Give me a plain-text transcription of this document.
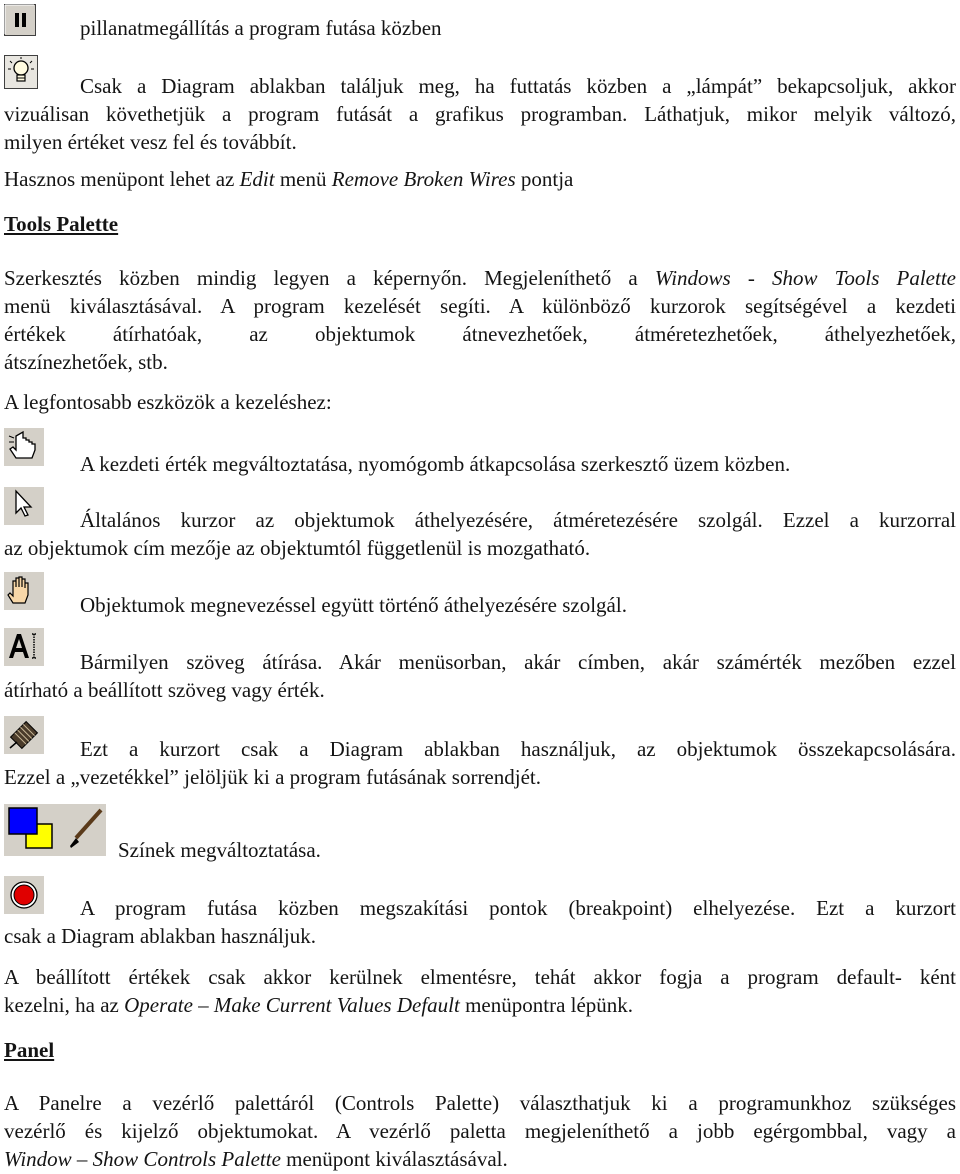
pillanatmegállítás a program futása közben

Csak a Diagram ablakban találjuk meg, ha futtatás közben a „lámpát” bekapcsoljuk, akkor

vizuálisan követhetjük a program futását a grafikus programban. Láthatjuk, mikor melyik változó,

milyen értéket vesz fel és továbbít.

Hasznos menüpont lehet az Edit menü Remove Broken Wires pontja

Tools Palette

Szerkesztés közben mindig legyen a képernyőn. Megjeleníthető a Windows - Show Tools Palette

menü kiválasztásával. A program kezelését segíti. A különböző kurzorok segítségével a kezdeti

értékek átírhatóak, az objektumok átnevezhetőek, átméretezhetőek, áthelyezhetőek,

átszínezhetőek, stb.

A legfontosabb eszközök a kezeléshez:

A kezdeti érték megváltoztatása, nyomógomb átkapcsolása szerkesztő üzem közben.

Általános kurzor az objektumok áthelyezésére, átméretezésére szolgál. Ezzel a kurzorral

az objektumok cím mezője az objektumtól függetlenül is mozgatható.

Objektumok megnevezéssel együtt történő áthelyezésére szolgál.

Bármilyen szöveg átírása. Akár menüsorban, akár címben, akár számérték mezőben ezzel

átírható a beállított szöveg vagy érték.

Ezt a kurzort csak a Diagram ablakban használjuk, az objektumok összekapcsolására.

Ezzel a „vezetékkel” jelöljük ki a program futásának sorrendjét.

Színek megváltoztatása.

A program futása közben megszakítási pontok (breakpoint) elhelyezése. Ezt a kurzort

csak a Diagram ablakban használjuk.

A beállított értékek csak akkor kerülnek elmentésre, tehát akkor fogja a program default- ként

kezelni, ha az Operate – Make Current Values Default menüpontra lépünk.

Panel

A Panelre a vezérlő palettáról (Controls Palette) választhatjuk ki a programunkhoz szükséges

vezérlő és kijelző objektumokat. A vezérlő paletta megjeleníthető a jobb egérgombbal, vagy a

Window – Show Controls Palette menüpont kiválasztásával.
